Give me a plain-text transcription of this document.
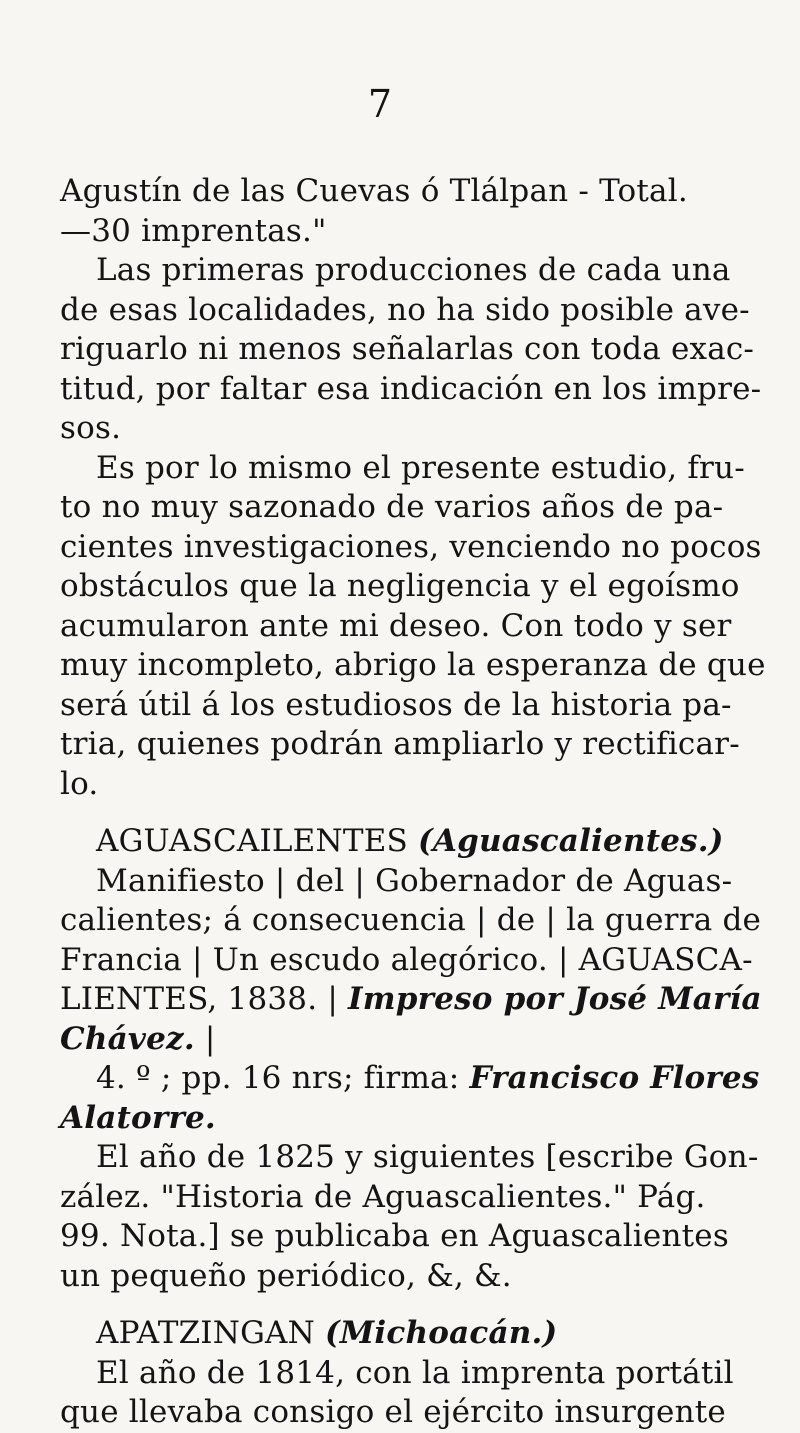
7
Agustín de las Cuevas ó Tlálpan - Total.
—30 imprentas."
Las primeras producciones de cada una
de esas localidades, no ha sido posible ave-
riguarlo ni menos señalarlas con toda exac-
titud, por faltar esa indicación en los impre-
sos.
Es por lo mismo el presente estudio, fru-
to no muy sazonado de varios años de pa-
cientes investigaciones, venciendo no pocos
obstáculos que la negligencia y el egoísmo
acumularon ante mi deseo. Con todo y ser
muy incompleto, abrigo la esperanza de que
será útil á los estudiosos de la historia pa-
tria, quienes podrán ampliarlo y rectificar-
lo.
AGUASCAILENTES (Aguascalientes.)
Manifiesto | del | Gobernador de Aguas-
calientes; á consecuencia | de | la guerra de
Francia | Un escudo alegórico. | AGUASCA-
LIENTES, 1838. | Impreso por José María
Chávez. |
4. º ; pp. 16 nrs; firma: Francisco Flores
Alatorre.
El año de 1825 y siguientes [escribe Gon-
zález. "Historia de Aguascalientes." Pág.
99. Nota.] se publicaba en Aguascalientes
un pequeño periódico, &, &.
APATZINGAN (Michoacán.)
El año de 1814, con la imprenta portátil
que llevaba consigo el ejército insurgente
